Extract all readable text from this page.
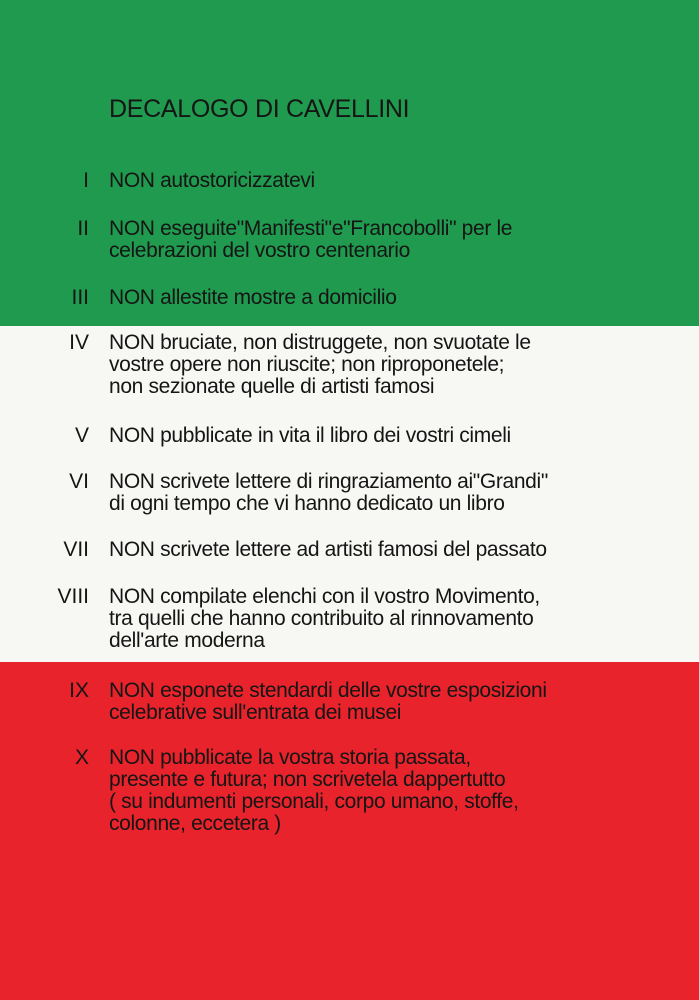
DECALOGO DI CAVELLINI
I NON autostoricizzatevi
II NON eseguite"Manifesti"e"Francobolli" per le
celebrazioni del vostro centenario
III NON allestite mostre a domicilio
IV NON bruciate, non distruggete, non svuotate le
vostre opere non riuscite; non riproponetele;
non sezionate quelle di artisti famosi
V NON pubblicate in vita il libro dei vostri cimeli
VI NON scrivete lettere di ringraziamento ai"Grandi"
di ogni tempo che vi hanno dedicato un libro
VII NON scrivete lettere ad artisti famosi del passato
VIII NON compilate elenchi con il vostro Movimento,
tra quelli che hanno contribuito al rinnovamento
dell'arte moderna
IX NON esponete stendardi delle vostre esposizioni
celebrative sull'entrata dei musei
X NON pubblicate la vostra storia passata,
presente e futura; non scrivetela dappertutto
( su indumenti personali, corpo umano, stoffe,
colonne, eccetera )
